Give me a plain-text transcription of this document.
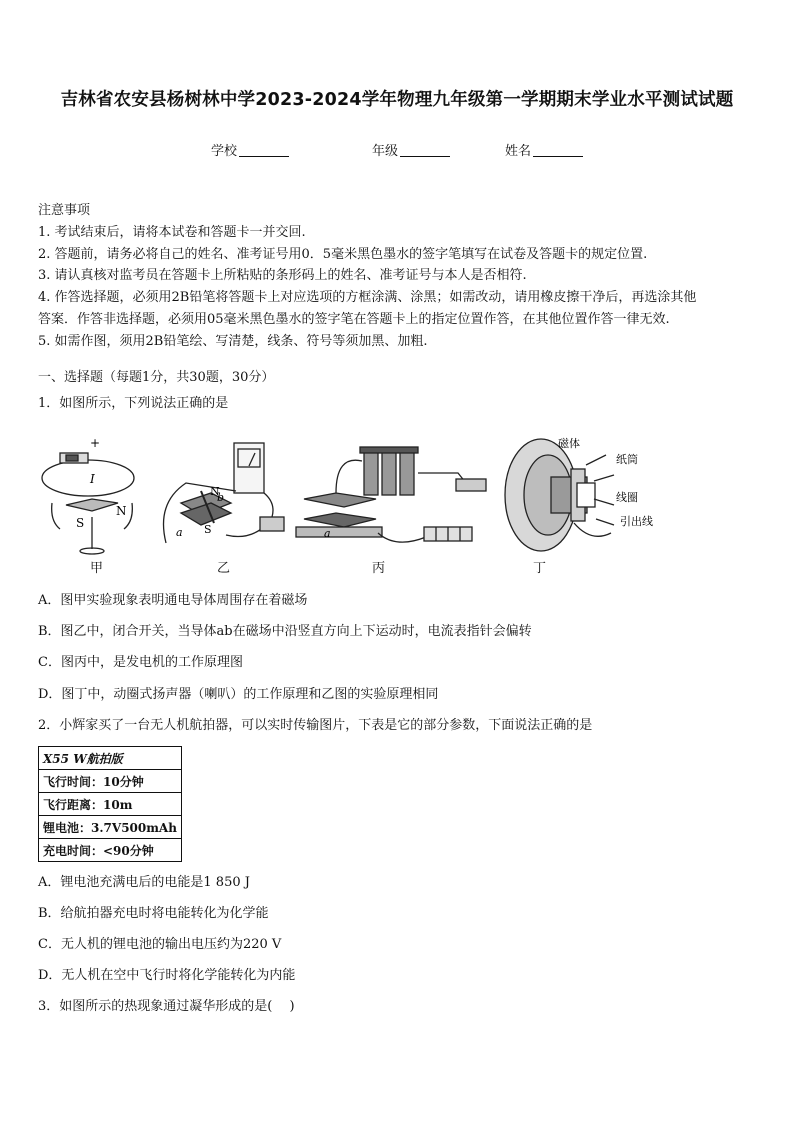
吉林省农安县杨树林中学2023-2024学年物理九年级第一学期期末学业水平测试试题
学校	年级	姓名
注意事项
1. 考试结束后，请将本试卷和答题卡一并交回.
2. 答题前，请务必将自己的姓名、准考证号用0．5毫米黑色墨水的签字笔填写在试卷及答题卡的规定位置.
3. 请认真核对监考员在答题卡上所粘贴的条形码上的姓名、准考证号与本人是否相符.
4. 作答选择题，必须用2B铅笔将答题卡上对应选项的方框涂满、涂黑；如需改动，请用橡皮擦干净后，再选涂其他
答案．作答非选择题，必须用05毫米黑色墨水的签字笔在答题卡上的指定位置作答，在其他位置作答一律无效.
5. 如需作图，须用2B铅笔绘、写清楚，线条、符号等须加黑、加粗.
一、选择题（每题1分，共30题，30分）
1．如图所示，下列说法正确的是
+
I
S
N
N
b
a S	a
磁体
纸筒
线圈
引出线
甲	乙	丙	丁
A．图甲实验现象表明通电导体周围存在着磁场
B．图乙中，闭合开关，当导体ab在磁场中沿竖直方向上下运动时，电流表指针会偏转
C．图丙中，是发电机的工作原理图
D．图丁中，动圈式扬声器（喇叭）的工作原理和乙图的实验原理相同
2．小辉家买了一台无人机航拍器，可以实时传输图片，下表是它的部分参数，下面说法正确的是
X55 W航拍版
飞行时间：10分钟
飞行距离：10m
锂电池：3.7V500mAh
充电时间：<90分钟
A．锂电池充满电后的电能是1 850 J
B．给航拍器充电时将电能转化为化学能
C．无人机的锂电池的输出电压约为220 V
D．无人机在空中飞行时将化学能转化为内能
3．如图所示的热现象通过凝华形成的是(　 )
